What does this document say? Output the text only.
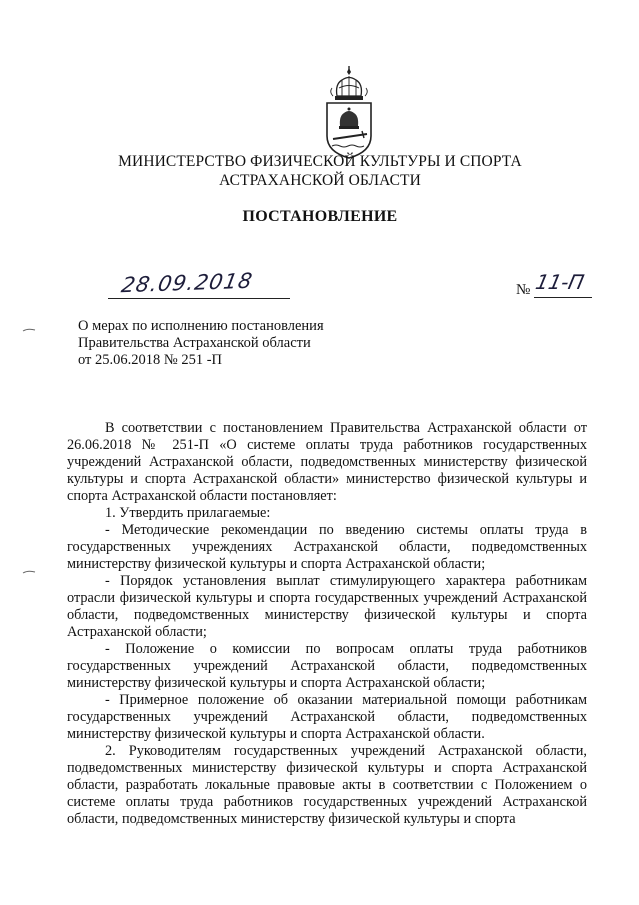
МИНИСТЕРСТВО ФИЗИЧЕСКОЙ КУЛЬТУРЫ И СПОРТА
АСТРАХАНСКОЙ ОБЛАСТИ
ПОСТАНОВЛЕНИЕ
28.09.2018	№ 11-П
О мерах по исполнению постановления
Правительства Астраханской области
от 25.06.2018 № 251 -П

В соответствии с постановлением Правительства Астраханской области от 26.06.2018 № 251-П «О системе оплаты труда работников государственных учреждений Астраханской области, подведомственных министерству физической культуры и спорта Астраханской области» министерство физической культуры и спорта Астраханской области постановляет:

1. Утвердить прилагаемые:

- Методические рекомендации по введению системы оплаты труда в государственных учреждениях Астраханской области, подведомственных министерству физической культуры и спорта Астраханской области;

- Порядок установления выплат стимулирующего характера работникам отрасли физической культуры и спорта государственных учреждений Астраханской области, подведомственных министерству физической культуры и спорта Астраханской области;

- Положение о комиссии по вопросам оплаты труда работников государственных учреждений Астраханской области, подведомственных министерству физической культуры и спорта Астраханской области;

- Примерное положение об оказании материальной помощи работникам государственных учреждений Астраханской области, подведомственных министерству физической культуры и спорта Астраханской области.

2. Руководителям государственных учреждений Астраханской области, подведомственных министерству физической культуры и спорта Астраханской области, разработать локальные правовые акты в соответствии с Положением о системе оплаты труда работников государственных учреждений Астраханской области, подведомственных министерству физической культуры и спорта
